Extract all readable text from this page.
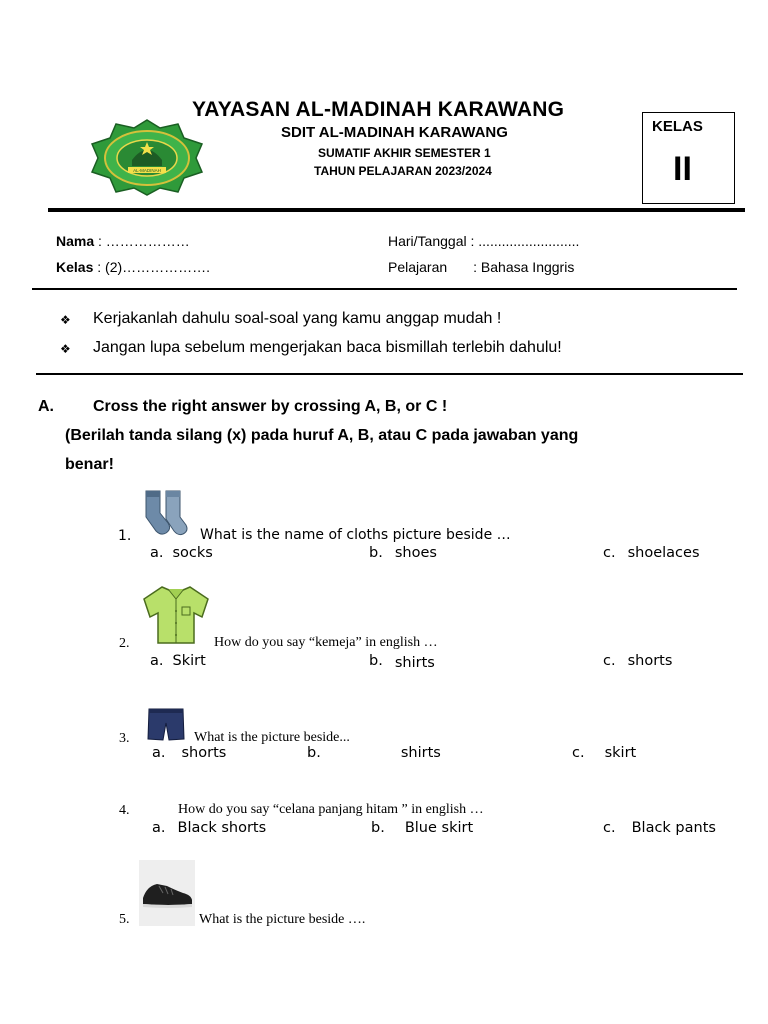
AL-MADINAH
YAYASAN AL-MADINAH KARAWANG
SDIT AL-MADINAH KARAWANG
SUMATIF AKHIR SEMESTER 1
TAHUN PELAJARAN 2023/2024
KELAS
II
Nama : ………………
Kelas : (2)……………….
Hari/Tanggal : ..........................
Pelajaran : Bahasa Inggris
❖ Kerjakanlah dahulu soal-soal yang kamu anggap mudah !
❖ Jangan lupa sebelum mengerjakan baca bismillah terlebih dahulu!
A. Cross the right answer by crossing A, B, or C !
(Berilah tanda silang (x) pada huruf A, B, atau C pada jawaban yang
benar!
1.	What is the name of cloths picture beside …
a. socks	b. shoes	c. shoelaces
2.	How do you say “kemeja” in english …
a. Skirt	b. shirts	c. shorts
3.	What is the picture beside...
a. shorts	b.	shirts	c. skirt
4.	How do you say “celana panjang hitam ” in english …
a. Black shorts	b. Blue skirt	c. Black pants
5.	What is the picture beside ….
